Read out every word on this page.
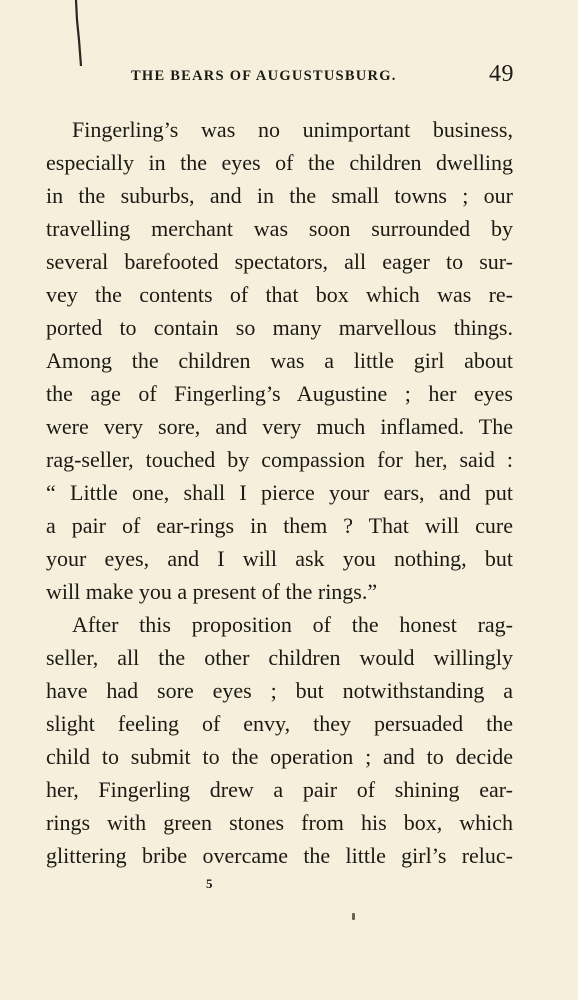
THE BEARS OF AUGUSTUSBURG.	49
Fingerling’s was no unimportant business,
especially in the eyes of the children dwelling
in the suburbs, and in the small towns ; our
travelling merchant was soon surrounded by
several barefooted spectators, all eager to sur-
vey the contents of that box which was re-
ported to contain so many marvellous things.
Among the children was a little girl about
the age of Fingerling’s Augustine ; her eyes
were very sore, and very much inflamed. The
rag-seller, touched by compassion for her, said :
“ Little one, shall I pierce your ears, and put
a pair of ear-rings in them ? That will cure
your eyes, and I will ask you nothing, but
will make you a present of the rings.”
After this proposition of the honest rag-
seller, all the other children would willingly
have had sore eyes ; but notwithstanding a
slight feeling of envy, they persuaded the
child to submit to the operation ; and to decide
her, Fingerling drew a pair of shining ear-
rings with green stones from his box, which
glittering bribe overcame the little girl’s reluc-
5
